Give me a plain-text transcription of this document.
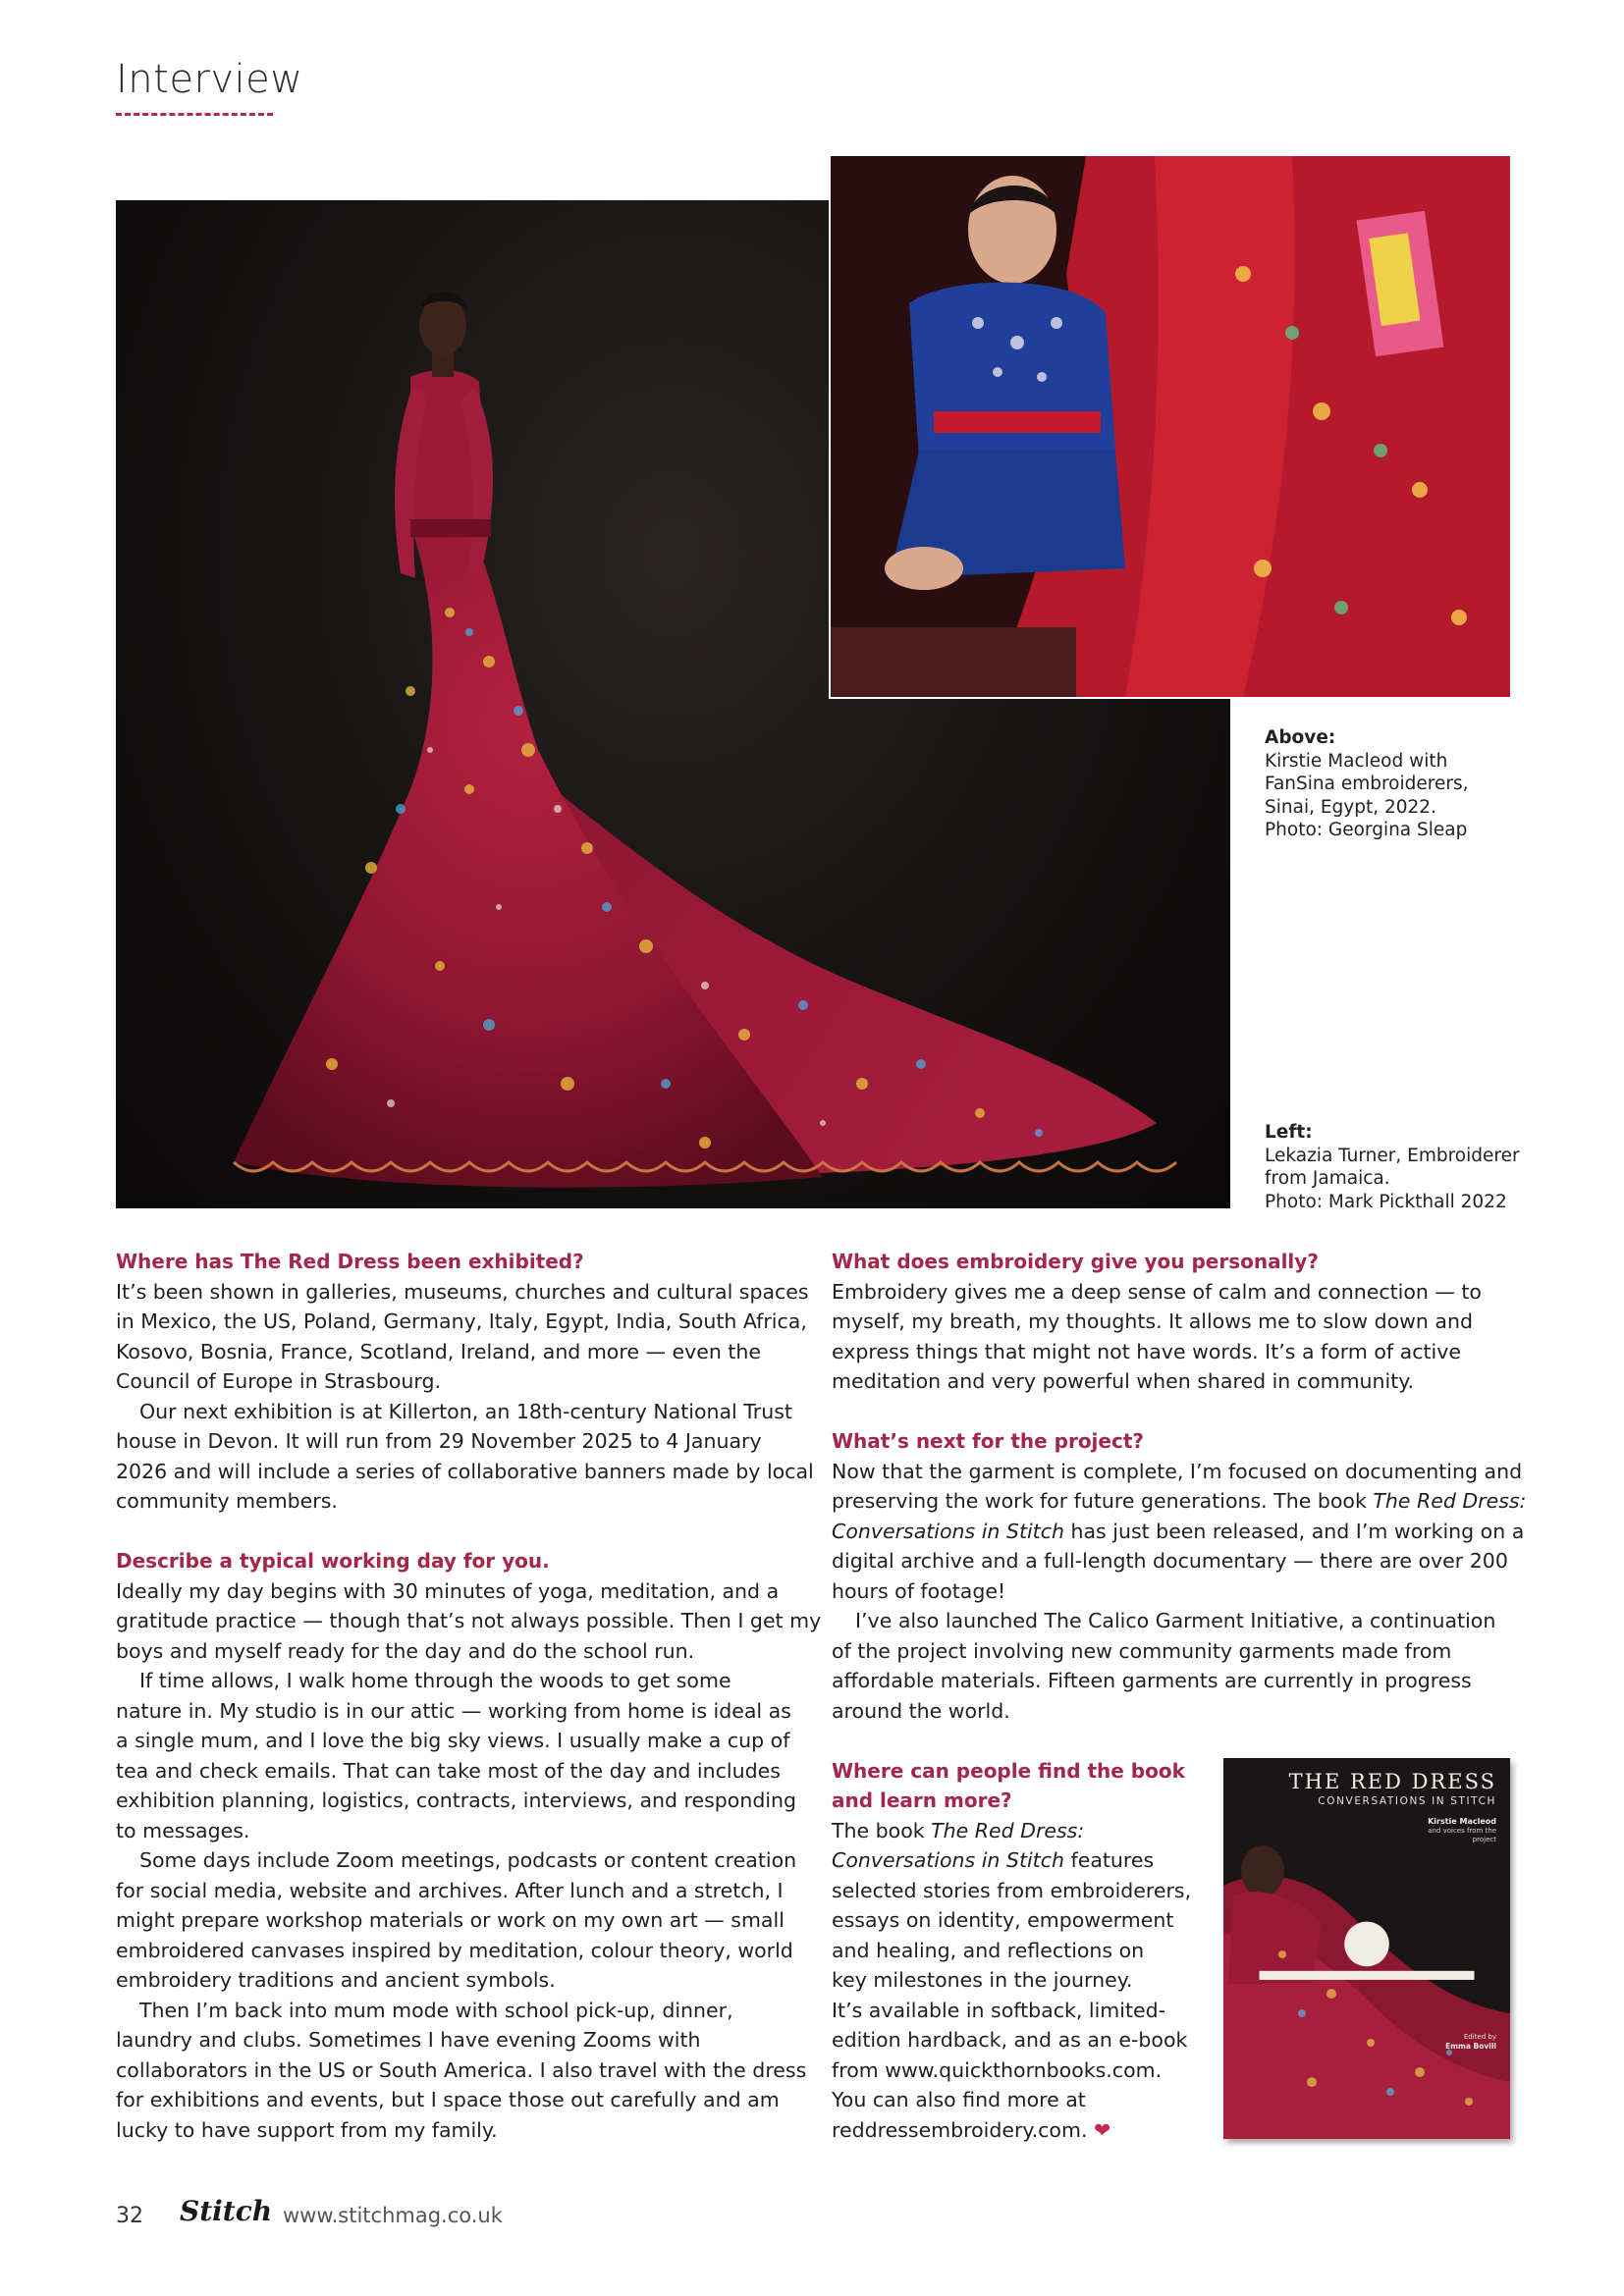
Interview
Above:
Kirstie Macleod with
FanSina embroiderers,
Sinai, Egypt, 2022.
Photo: Georgina Sleap
Left:
Lekazia Turner, Embroiderer
from Jamaica.
Photo: Mark Pickthall 2022
Where has The Red Dress been exhibited?
It’s been shown in galleries, museums, churches and cultural spaces
in Mexico, the US, Poland, Germany, Italy, Egypt, India, South Africa,
Kosovo, Bosnia, France, Scotland, Ireland, and more — even the
Council of Europe in Strasbourg.
Our next exhibition is at Killerton, an 18th-century National Trust
house in Devon. It will run from 29 November 2025 to 4 January
2026 and will include a series of collaborative banners made by local
community members.
Describe a typical working day for you.
Ideally my day begins with 30 minutes of yoga, meditation, and a
gratitude practice — though that’s not always possible. Then I get my
boys and myself ready for the day and do the school run.
If time allows, I walk home through the woods to get some
nature in. My studio is in our attic — working from home is ideal as
a single mum, and I love the big sky views. I usually make a cup of
tea and check emails. That can take most of the day and includes
exhibition planning, logistics, contracts, interviews, and responding
to messages.
Some days include Zoom meetings, podcasts or content creation
for social media, website and archives. After lunch and a stretch, I
might prepare workshop materials or work on my own art — small
embroidered canvases inspired by meditation, colour theory, world
embroidery traditions and ancient symbols.
Then I’m back into mum mode with school pick-up, dinner,
laundry and clubs. Sometimes I have evening Zooms with
collaborators in the US or South America. I also travel with the dress
for exhibitions and events, but I space those out carefully and am
lucky to have support from my family.
What does embroidery give you personally?
Embroidery gives me a deep sense of calm and connection — to
myself, my breath, my thoughts. It allows me to slow down and
express things that might not have words. It’s a form of active
meditation and very powerful when shared in community.
What’s next for the project?
Now that the garment is complete, I’m focused on documenting and
preserving the work for future generations. The book The Red Dress:
Conversations in Stitch has just been released, and I’m working on a
digital archive and a full-length documentary — there are over 200
hours of footage!
I’ve also launched The Calico Garment Initiative, a continuation
of the project involving new community garments made from
affordable materials. Fifteen garments are currently in progress
around the world.
Where can people find the book
and learn more?
The book The Red Dress:
Conversations in Stitch features
selected stories from embroiderers,
essays on identity, empowerment
and healing, and reflections on
key milestones in the journey.
It’s available in softback, limited-
edition hardback, and as an e-book
from www.quickthornbooks.com.
You can also find more at
reddressembroidery.com. ❤
THE RED DRESS
CONVERSATIONS IN STITCH
Kirstie Macleod
and voices from the project
Edited by
Emma Bovill
32 Stitch www.stitchmag.co.uk
